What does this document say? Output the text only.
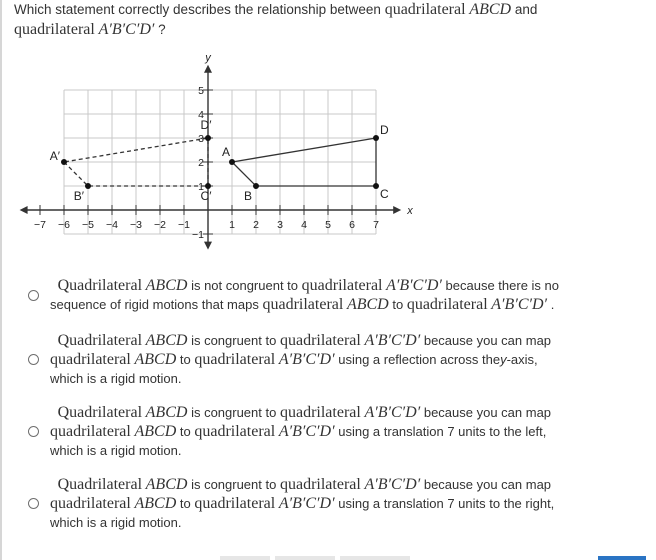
Which statement correctly describes the relationship between quadrilateral ABCD and
quadrilateral A′B′C′D′ ?
−7 −6 −5 −4 −3 −2 −1	1 2 3 4 5 6 7
5
4
3
2
1
−1
A
B	C
D
A′
B′	C′
D′
x
y
Quadrilateral ABCD is not congruent to quadrilateral A′B′C′D′ because there is no
sequence of rigid motions that maps quadrilateral ABCD to quadrilateral A′B′C′D′ .
Quadrilateral ABCD is congruent to quadrilateral A′B′C′D′ because you can map
quadrilateral ABCD to quadrilateral A′B′C′D′ using a reflection across they-axis,
which is a rigid motion.
Quadrilateral ABCD is congruent to quadrilateral A′B′C′D′ because you can map
quadrilateral ABCD to quadrilateral A′B′C′D′ using a translation 7 units to the left,
which is a rigid motion.
Quadrilateral ABCD is congruent to quadrilateral A′B′C′D′ because you can map
quadrilateral ABCD to quadrilateral A′B′C′D′ using a translation 7 units to the right,
which is a rigid motion.
